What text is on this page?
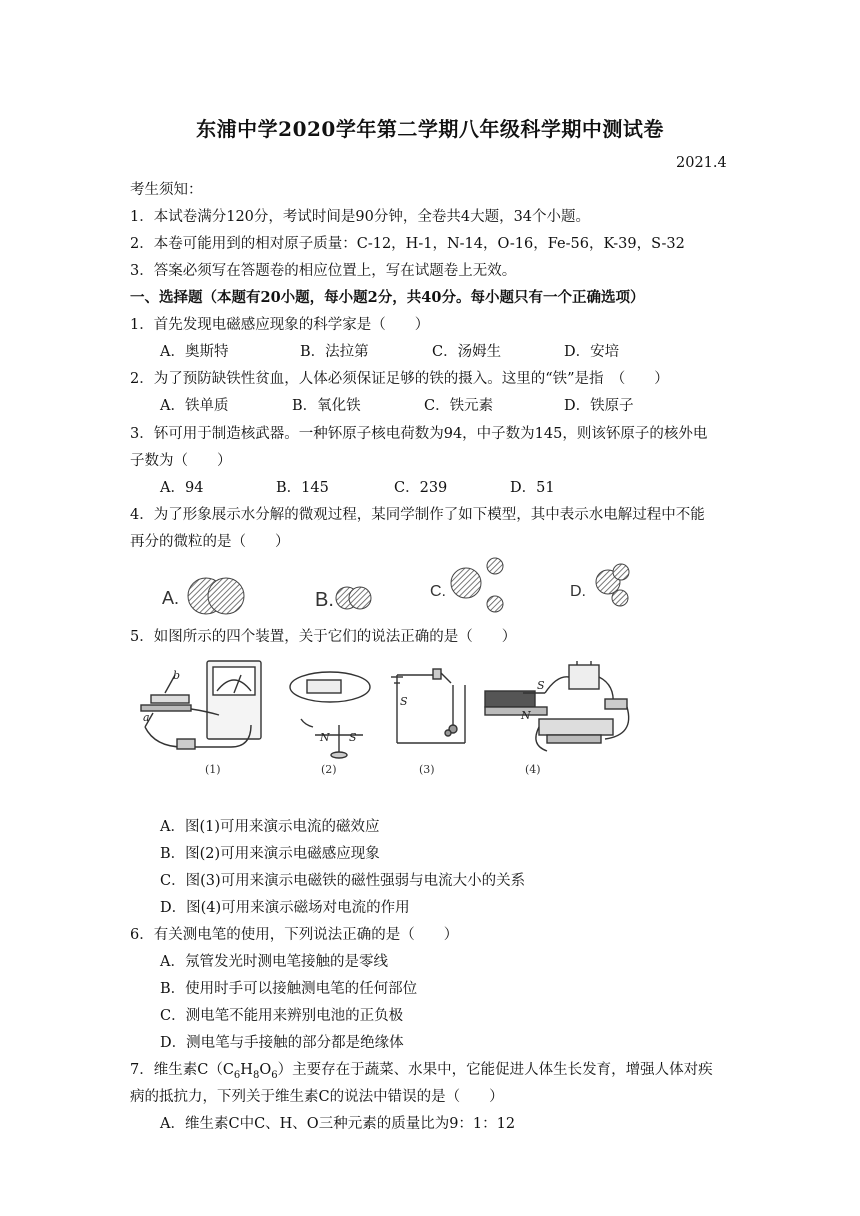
东浦中学2020学年第二学期八年级科学期中测试卷
2021.4
考生须知：
1．本试卷满分120分，考试时间是90分钟，全卷共4大题，34个小题。
2．本卷可能用到的相对原子质量：C-12，H-1，N-14，O-16，Fe-56，K-39，S-32
3．答案必须写在答题卷的相应位置上，写在试题卷上无效。
一、选择题（本题有20小题，每小题2分，共40分。每小题只有一个正确选项）
1．首先发现电磁感应现象的科学家是（　　）
A．奥斯特	B．法拉第	C．汤姆生	D．安培
2．为了预防缺铁性贫血，人体必须保证足够的铁的摄入。这里的“铁”是指　（　　）
A．铁单质	B．氧化铁	C．铁元素	D．铁原子
3．钚可用于制造核武器。一种钚原子核电荷数为94，中子数为145，则该钚原子的核外电
子数为（　　）
A．94	B．145	C．239	D．51
4．为了形象展示水分解的微观过程，某同学制作了如下模型，其中表示水电解过程中不能
再分的微粒的是（　　）
A.	B.	C.	D.
5．如图所示的四个装置，关于它们的说法正确的是（　　）
b
a
N S
S
S
N
(1)	(2)	(3)	(4)
A．图(1)可用来演示电流的磁效应
B．图(2)可用来演示电磁感应现象
C．图(3)可用来演示电磁铁的磁性强弱与电流大小的关系
D．图(4)可用来演示磁场对电流的作用
6．有关测电笔的使用，下列说法正确的是（　　）
A．氖管发光时测电笔接触的是零线
B．使用时手可以接触测电笔的任何部位
C．测电笔不能用来辨别电池的正负极
D．测电笔与手接触的部分都是绝缘体
7．维生素$C(C_6H_8O_6)$主要存在于蔬菜、水果中，它能促进人体生长发育，增强人体对疾
病的抵抗力，下列关于维生素C的说法中错误的是（　　）
A．维生素C中C、H、O三种元素的质量比为9：1：12
